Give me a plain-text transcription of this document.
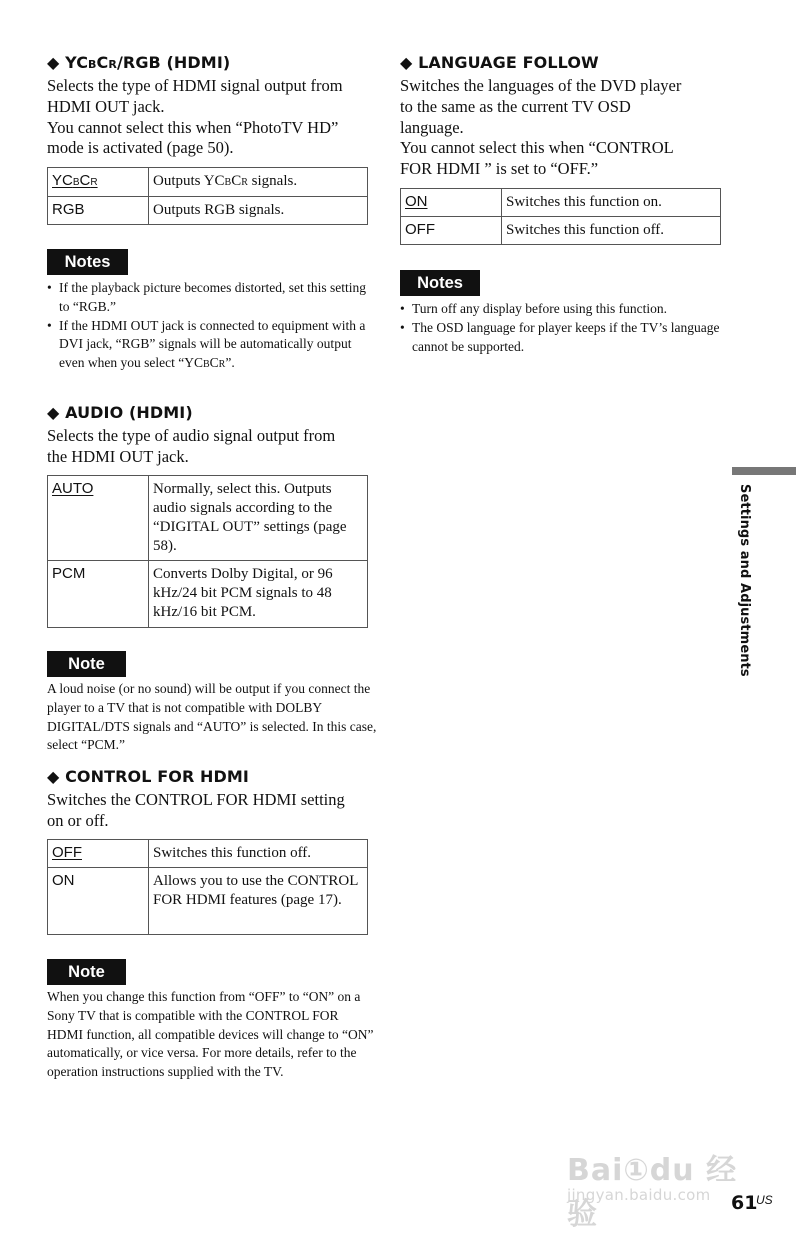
◆ YCBCR/RGB (HDMI)

Selects the type of HDMI signal output from
HDMI OUT jack.
You cannot select this when “PhotoTV HD”
mode is activated (page 50).

YCBCR	Outputs YCBCR signals.
RGB	Outputs RGB signals.
Notes
• If the playback picture becomes distorted, set this setting to “RGB.”
• If the HDMI OUT jack is connected to equipment with a DVI jack, “RGB” signals will be automatically output even when you select “YCBCR”.
◆ AUDIO (HDMI)

Selects the type of audio signal output from
the HDMI OUT jack.

AUTO	Normally, select this. Outputs audio signals according to the “DIGITAL OUT” settings (page 58).
PCM	Converts Dolby Digital, or 96 kHz/24 bit PCM signals to 48 kHz/16 bit PCM.
Note

A loud noise (or no sound) will be output if you connect the player to a TV that is not compatible with DOLBY DIGITAL/DTS signals and “AUTO” is selected. In this case, select “PCM.”

◆ CONTROL FOR HDMI

Switches the CONTROL FOR HDMI setting
on or off.

OFF	Switches this function off.
ON	Allows you to use the CONTROL FOR HDMI features (page 17).
Note

When you change this function from “OFF” to “ON” on a Sony TV that is compatible with the CONTROL FOR HDMI function, all compatible devices will change to “ON” automatically, or vice versa. For more details, refer to the operation instructions supplied with the TV.

◆ LANGUAGE FOLLOW

Switches the languages of the DVD player
to the same as the current TV OSD
language.
You cannot select this when “CONTROL
FOR HDMI ” is set to “OFF.”

ON	Switches this function on.
OFF	Switches this function off.
Notes
• Turn off any display before using this function.
• The OSD language for player keeps if the TV’s language cannot be supported.
Settings and Adjustments
Bai①du 经验
jingyan.baidu.com 61
US
